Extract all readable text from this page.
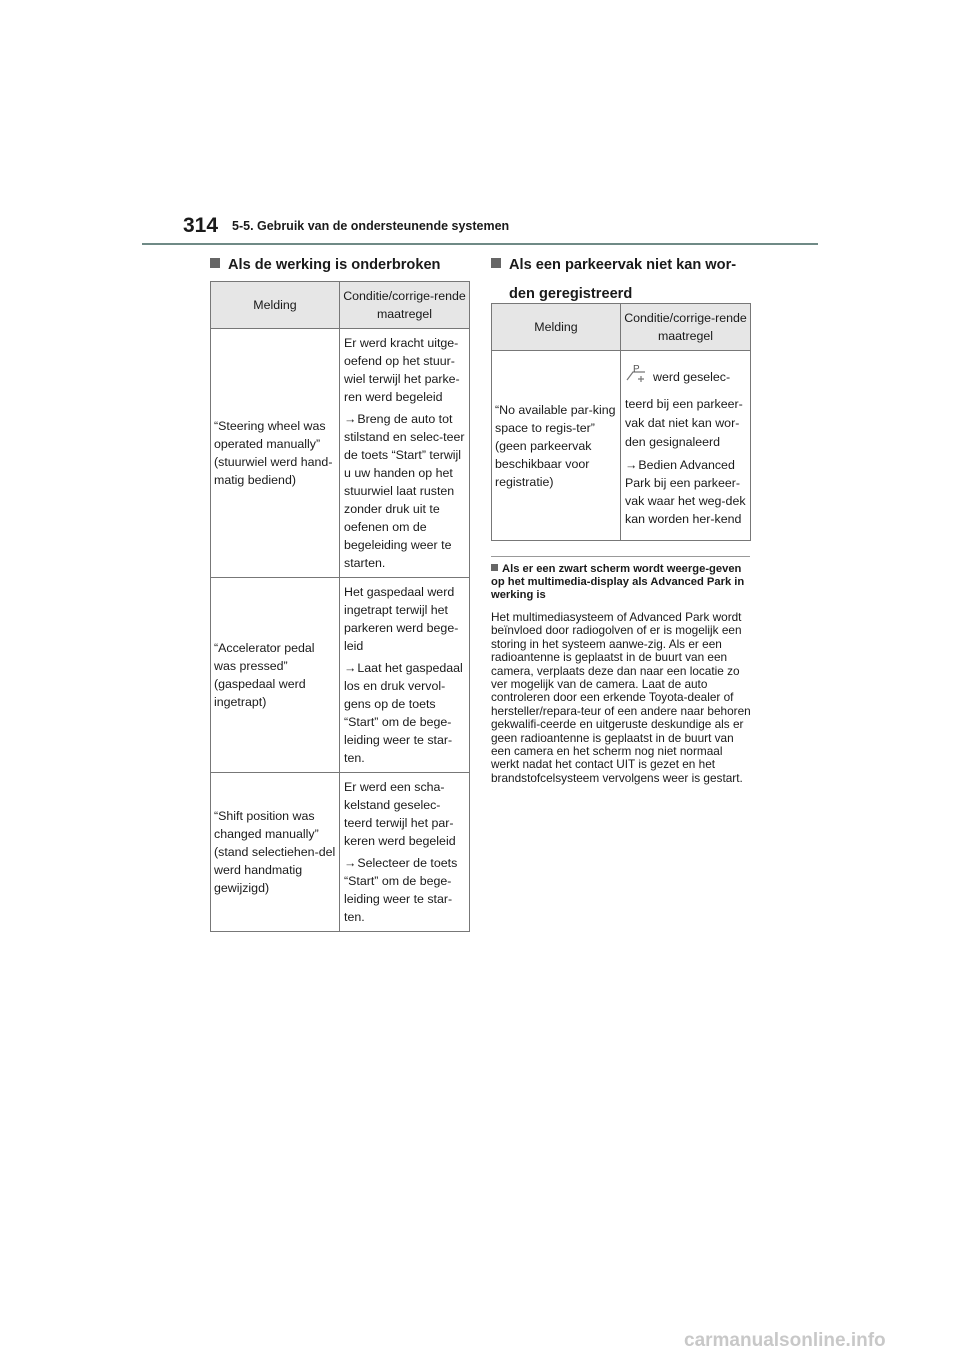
314 5-5. Gebruik van de ondersteunende systemen
Als de werking is onderbroken
Melding	Conditie/corrige-rende maatregel
“Steering wheel was operated manually” (stuurwiel werd hand-matig bediend)	Er werd kracht uitge-oefend op het stuur-wiel terwijl het parke-ren werd begeleid

→Breng de auto tot stilstand en selec-teer de toets “Start” terwijl u uw handen op het stuurwiel laat rusten zonder druk uit te oefenen om de begeleiding weer te starten.

“Accelerator pedal was pressed” (gaspedaal werd ingetrapt)	Het gaspedaal werd ingetrapt terwijl het parkeren werd bege-leid

→Laat het gaspedaal los en druk vervol-gens op de toets “Start” om de bege-leiding weer te star-ten.

“Shift position was changed manually” (stand selectiehen-del werd handmatig gewijzigd)	Er werd een scha-kelstand geselec-teerd terwijl het par-keren werd begeleid

→Selecteer de toets “Start” om de bege-leiding weer te star-ten.

Als een parkeervak niet kan wor-
den geregistreerd
Melding	Conditie/corrige-rende maatregel
“No available par-king space to regis-ter” (geen parkeervak beschikbaar voor registratie)	P
werd geselec-

teerd bij een parkeer-vak dat niet kan wor-den gesignaleerd

→Bedien Advanced Park bij een parkeer-vak waar het weg-dek kan worden her-kend

Als er een zwart scherm wordt weerge-geven op het multimedia-display als Advanced Park in werking is
Het multimediasysteem of Advanced Park wordt beïnvloed door radiogolven of er is mogelijk een storing in het systeem aanwe-zig. Als er een radioantenne is geplaatst in de buurt van een camera, verplaats deze dan naar een locatie zo ver mogelijk van de camera. Laat de auto controleren door een erkende Toyota-dealer of hersteller/repara-teur of een andere naar behoren gekwalifi-ceerde en uitgeruste deskundige als er geen radioantenne is geplaatst in de buurt van een camera en het scherm nog niet normaal werkt nadat het contact UIT is gezet en het brandstofcelsysteem vervolgens weer is gestart.
carmanualsonline.info
